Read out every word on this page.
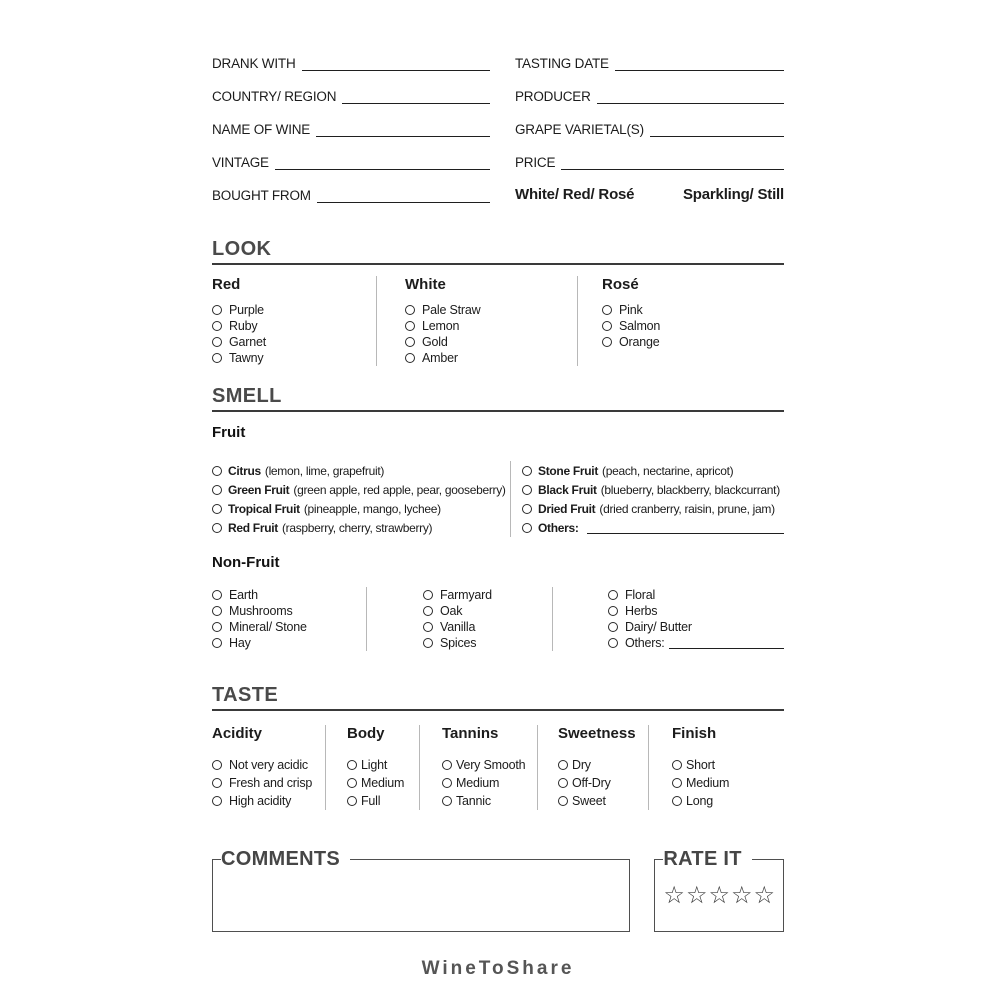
DRANK WITH
COUNTRY/ REGION
NAME OF WINE
VINTAGE
BOUGHT FROM
TASTING DATE
PRODUCER
GRAPE VARIETAL(S)
PRICE
White/ Red/ Rosé	Sparkling/ Still
LOOK
Red
Purple
Ruby
Garnet
Tawny
White
Pale Straw
Lemon
Gold
Amber
Rosé
Pink
Salmon
Orange
SMELL
Fruit
Citrus (lemon, lime, grapefruit)
Green Fruit (green apple, red apple, pear, gooseberry)
Tropical Fruit (pineapple, mango, lychee)
Red Fruit (raspberry, cherry, strawberry)
Stone Fruit (peach, nectarine, apricot)
Black Fruit (blueberry, blackberry, blackcurrant)
Dried Fruit (dried cranberry, raisin, prune, jam)
Others:
Non-Fruit
Earth
Mushrooms
Mineral/ Stone
Hay
Farmyard
Oak
Vanilla
Spices
Floral
Herbs
Dairy/ Butter
Others:
TASTE
Acidity
Not very acidic
Fresh and crisp
High acidity
Body
Light
Medium
Full
Tannins
Very Smooth
Medium
Tannic
Sweetness
Dry
Off-Dry
Sweet
Finish
Short
Medium
Long
COMMENTS	RATE IT
☆ ☆ ☆ ☆ ☆
WineToShare
